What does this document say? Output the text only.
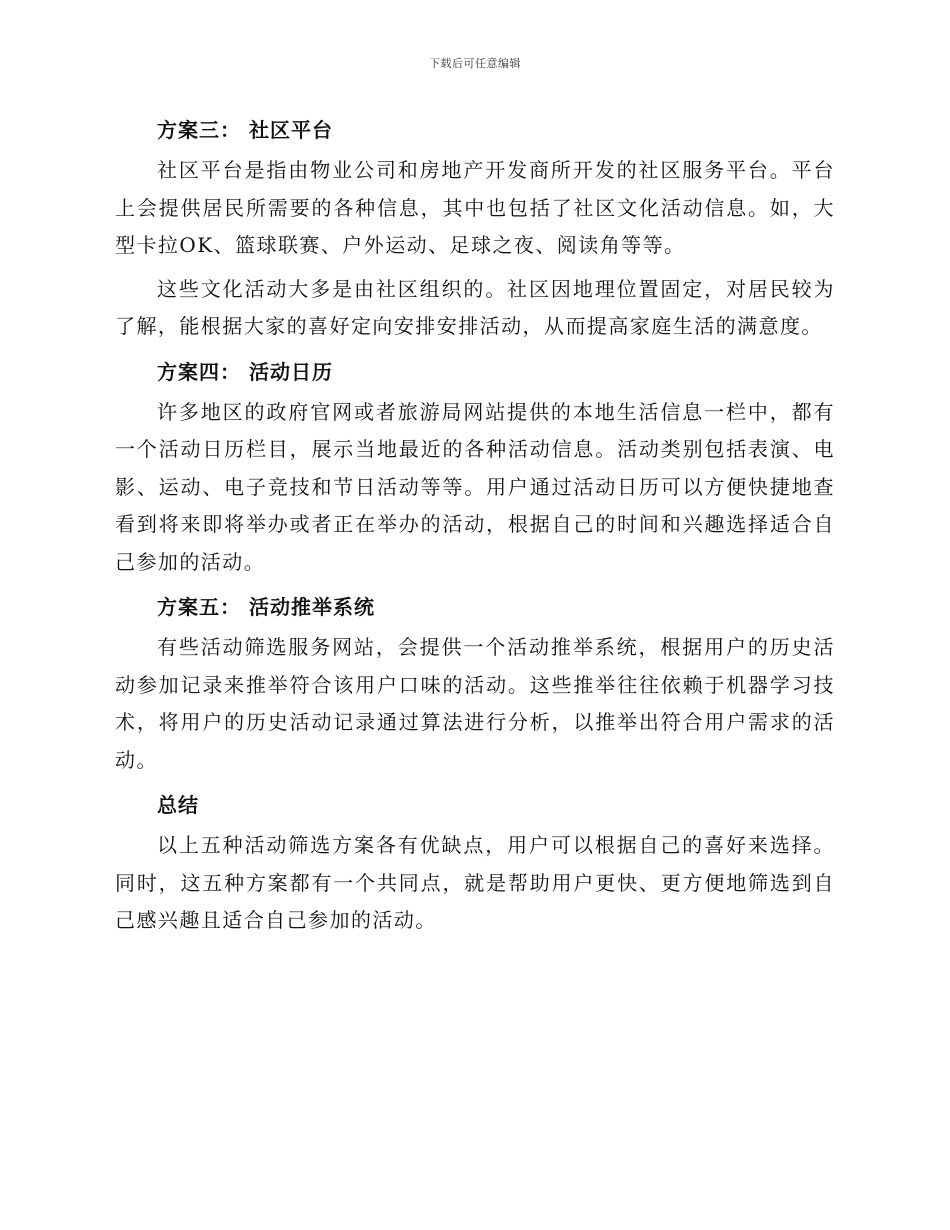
下载后可任意编辑
方案三： 社区平台

社区平台是指由物业公司和房地产开发商所开发的社区服务平台。平台上会提供居民所需要的各种信息，其中也包括了社区文化活动信息。如，大型卡拉OK、篮球联赛、户外运动、足球之夜、阅读角等等。

这些文化活动大多是由社区组织的。社区因地理位置固定，对居民较为了解，能根据大家的喜好定向安排安排活动，从而提高家庭生活的满意度。

方案四： 活动日历

许多地区的政府官网或者旅游局网站提供的本地生活信息一栏中，都有一个活动日历栏目，展示当地最近的各种活动信息。活动类别包括表演、电影、运动、电子竞技和节日活动等等。用户通过活动日历可以方便快捷地查看到将来即将举办或者正在举办的活动，根据自己的时间和兴趣选择适合自己参加的活动。

方案五： 活动推举系统

有些活动筛选服务网站，会提供一个活动推举系统，根据用户的历史活动参加记录来推举符合该用户口味的活动。这些推举往往依赖于机器学习技术，将用户的历史活动记录通过算法进行分析，以推举出符合用户需求的活动。

总结

以上五种活动筛选方案各有优缺点，用户可以根据自己的喜好来选择。同时，这五种方案都有一个共同点，就是帮助用户更快、更方便地筛选到自己感兴趣且适合自己参加的活动。
